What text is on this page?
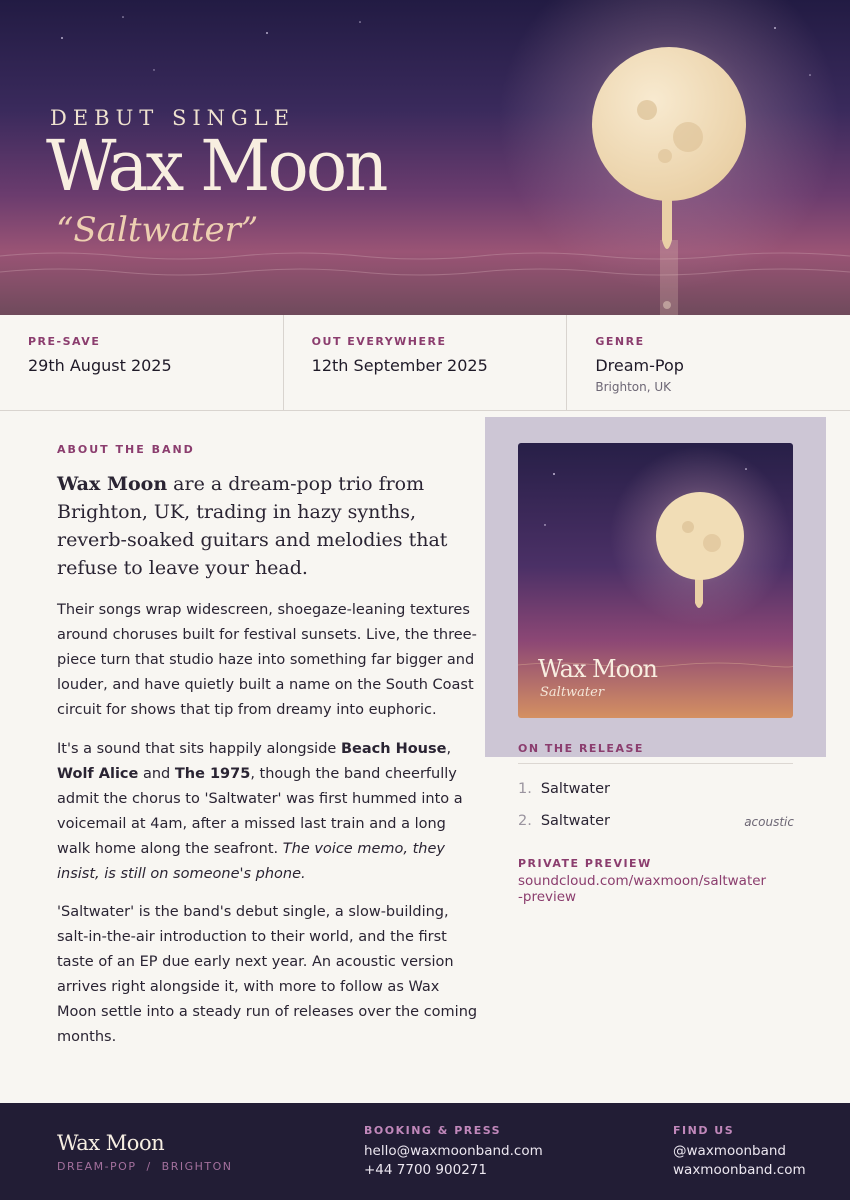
DEBUT SINGLE
Wax Moon
“Saltwater”
PRE-SAVE
29th August 2025
OUT EVERYWHERE
12th September 2025
GENRE
Dream-Pop
Brighton, UK
ABOUT THE BAND

Wax Moon are a dream-pop trio from Brighton, UK, trading in hazy synths, reverb-soaked guitars and melodies that refuse to leave your head.

Their songs wrap widescreen, shoegaze-leaning textures around choruses built for festival sunsets. Live, the three-piece turn that studio haze into something far bigger and louder, and have quietly built a name on the South Coast circuit for shows that tip from dreamy into euphoric.

It's a sound that sits happily alongside Beach House, Wolf Alice and The 1975, though the band cheerfully admit the chorus to 'Saltwater' was first hummed into a voicemail at 4am, after a missed last train and a long walk home along the seafront. The voice memo, they insist, is still on someone's phone.

'Saltwater' is the band's debut single, a slow-building, salt-in-the-air introduction to their world, and the first taste of an EP due early next year. An acoustic version arrives right alongside it, with more to follow as Wax Moon settle into a steady run of releases over the coming months.

Wax Moon
Saltwater
ON THE RELEASE
1. Saltwater
2. Saltwater	acoustic
PRIVATE PREVIEW
soundcloud.com/waxmoon/saltwater-preview
Wax Moon
DREAM-POP  /  BRIGHTON
BOOKING & PRESS
hello@waxmoonband.com
+44 7700 900271
FIND US
@waxmoonband
waxmoonband.com
